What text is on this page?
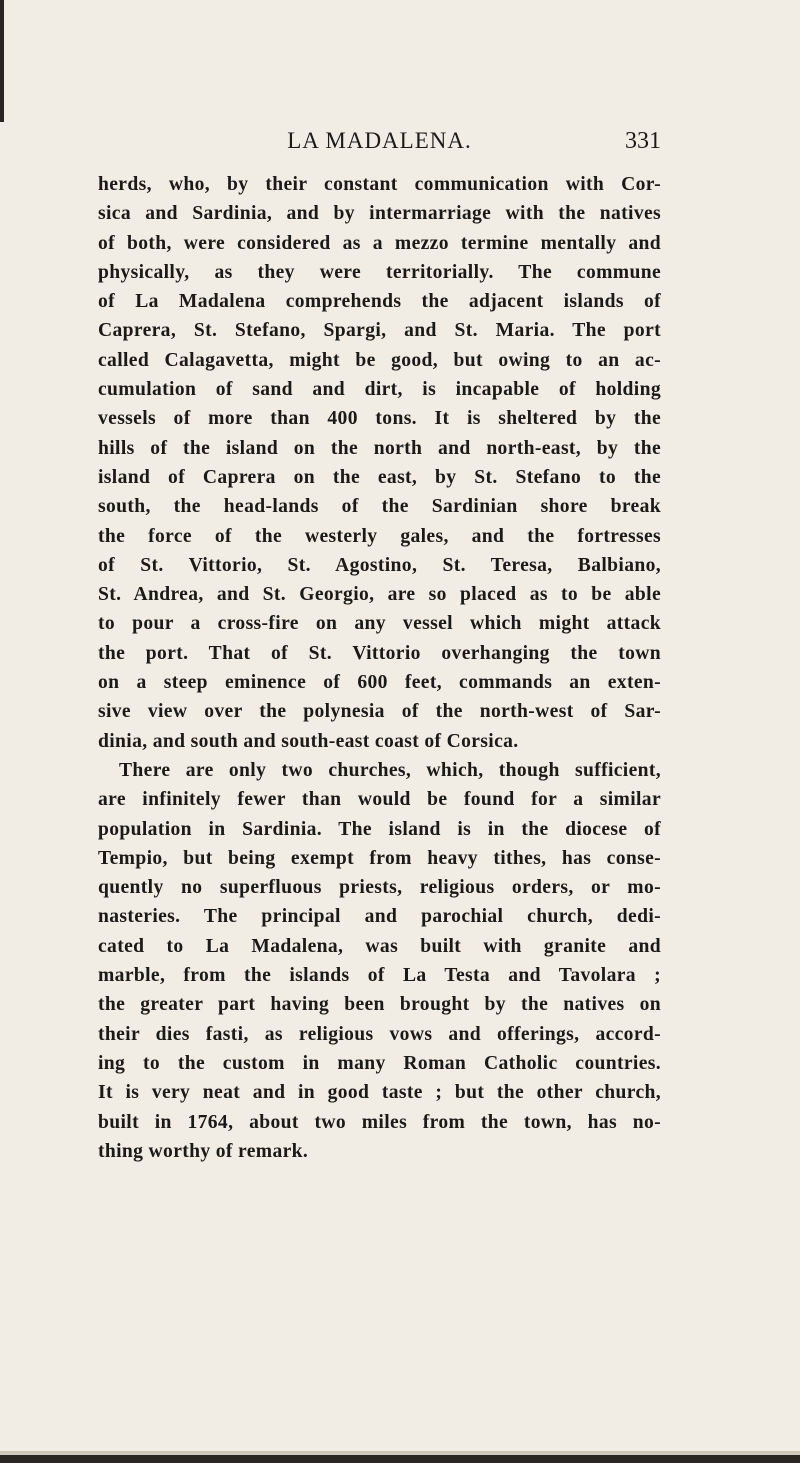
LA MADALENA.	331
herds, who, by their constant communication with Cor-
sica and Sardinia, and by intermarriage with the natives
of both, were considered as a mezzo termine mentally and
physically, as they were territorially. The commune
of La Madalena comprehends the adjacent islands of
Caprera, St. Stefano, Spargi, and St. Maria. The port
called Calagavetta, might be good, but owing to an ac-
cumulation of sand and dirt, is incapable of holding
vessels of more than 400 tons. It is sheltered by the
hills of the island on the north and north-east, by the
island of Caprera on the east, by St. Stefano to the
south, the head-lands of the Sardinian shore break
the force of the westerly gales, and the fortresses
of St. Vittorio, St. Agostino, St. Teresa, Balbiano,
St. Andrea, and St. Georgio, are so placed as to be able
to pour a cross-fire on any vessel which might attack
the port. That of St. Vittorio overhanging the town
on a steep eminence of 600 feet, commands an exten-
sive view over the polynesia of the north-west of Sar-
dinia, and south and south-east coast of Corsica.
There are only two churches, which, though sufficient,
are infinitely fewer than would be found for a similar
population in Sardinia. The island is in the diocese of
Tempio, but being exempt from heavy tithes, has conse-
quently no superfluous priests, religious orders, or mo-
nasteries. The principal and parochial church, dedi-
cated to La Madalena, was built with granite and
marble, from the islands of La Testa and Tavolara ;
the greater part having been brought by the natives on
their dies fasti, as religious vows and offerings, accord-
ing to the custom in many Roman Catholic countries.
It is very neat and in good taste ; but the other church,
built in 1764, about two miles from the town, has no-
thing worthy of remark.
